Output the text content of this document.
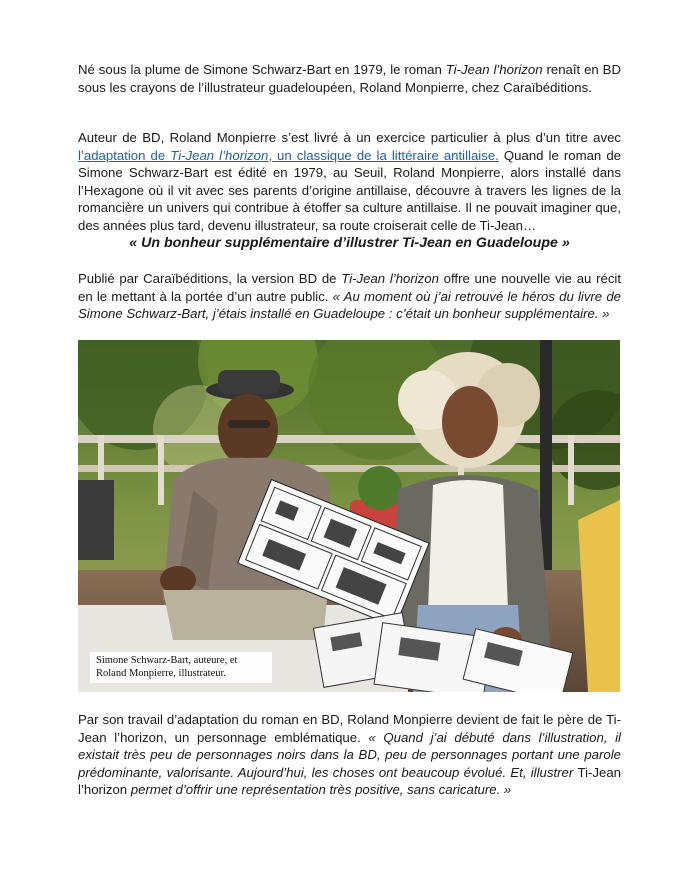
Né sous la plume de Simone Schwarz-Bart en 1979, le roman Ti-Jean l’horizon renaît en BD sous les crayons de l’illustrateur guadeloupéen, Roland Monpierre, chez Caraïbéditions.

Auteur de BD, Roland Monpierre s’est livré à un exercice particulier à plus d’un titre avec l’adaptation de Ti-Jean l’horizon, un classique de la littéraire antillaise. Quand le roman de Simone Schwarz-Bart est édité en 1979, au Seuil, Roland Monpierre, alors installé dans l’Hexagone où il vit avec ses parents d’origine antillaise, découvre à travers les lignes de la romancière un univers qui contribue à étoffer sa culture antillaise. Il ne pouvait imaginer que, des années plus tard, devenu illustrateur, sa route croiserait celle de Ti-Jean…

« Un bonheur supplémentaire d’illustrer Ti-Jean en Guadeloupe »

Publié par Caraïbéditions, la version BD de Ti-Jean l’horizon offre une nouvelle vie au récit en le mettant à la portée d’un autre public. « Au moment où j’ai retrouvé le héros du livre de Simone Schwarz-Bart, j’étais installé en Guadeloupe : c’était un bonheur supplémentaire. »

Simone Schwarz-Bart, auteure, et
Roland Monpierre, illustrateur.

Par son travail d’adaptation du roman en BD, Roland Monpierre devient de fait le père de Ti-Jean l’horizon, un personnage emblématique. « Quand j’ai débuté dans l’illustration, il existait très peu de personnages noirs dans la BD, peu de personnages portant une parole prédominante, valorisante. Aujourd’hui, les choses ont beaucoup évolué. Et, illustrer Ti-Jean l’horizon permet d’offrir une représentation très positive, sans caricature. »
